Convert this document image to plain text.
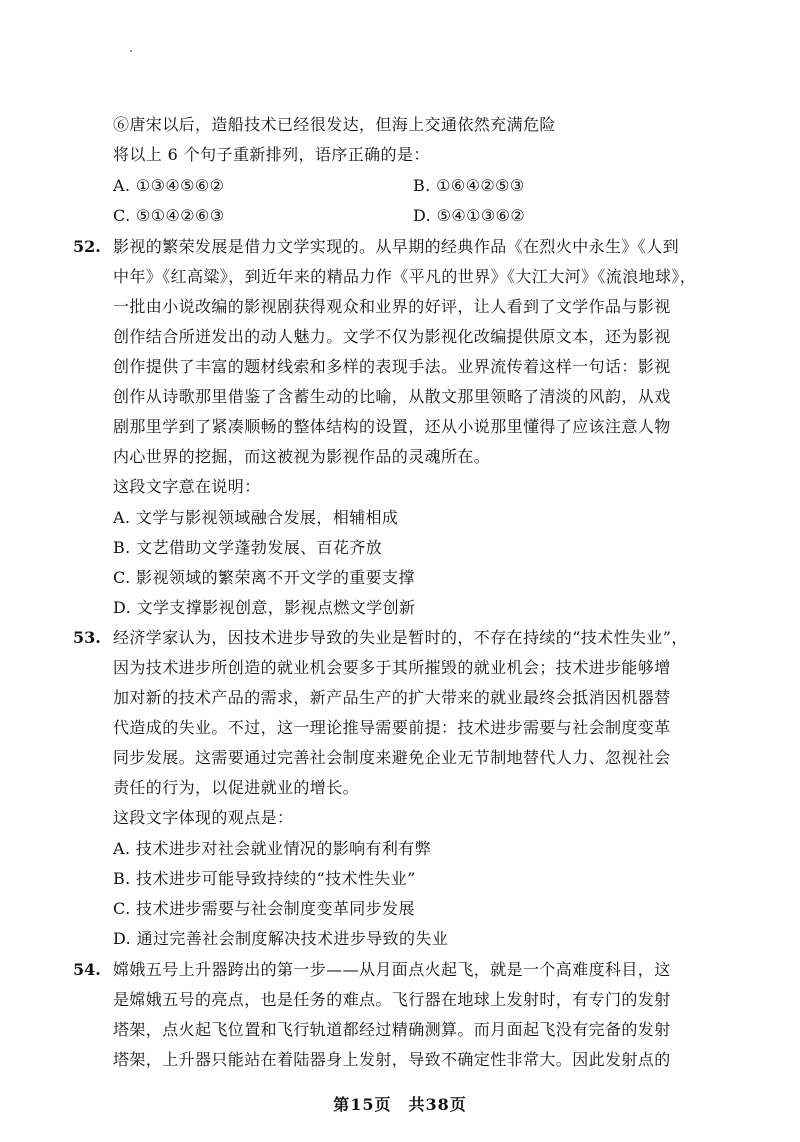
⑥唐宋以后，造船技术已经很发达，但海上交通依然充满危险
将以上 6 个句子重新排列，语序正确的是：
A. ①③④⑤⑥②	B. ①⑥④②⑤③
C. ⑤①④②⑥③	D. ⑤④①③⑥②
52. 影视的繁荣发展是借力文学实现的。从早期的经典作品《在烈火中永生》《人到
中年》《红高粱》，到近年来的精品力作《平凡的世界》《大江大河》《流浪地球》，
一批由小说改编的影视剧获得观众和业界的好评，让人看到了文学作品与影视
创作结合所迸发出的动人魅力。文学不仅为影视化改编提供原文本，还为影视
创作提供了丰富的题材线索和多样的表现手法。业界流传着这样一句话：影视
创作从诗歌那里借鉴了含蓄生动的比喻，从散文那里领略了清淡的风韵，从戏
剧那里学到了紧凑顺畅的整体结构的设置，还从小说那里懂得了应该注意人物
内心世界的挖掘，而这被视为影视作品的灵魂所在。
这段文字意在说明：
A. 文学与影视领域融合发展，相辅相成
B. 文艺借助文学蓬勃发展、百花齐放
C. 影视领域的繁荣离不开文学的重要支撑
D. 文学支撑影视创意，影视点燃文学创新
53. 经济学家认为，因技术进步导致的失业是暂时的，不存在持续的“技术性失业”，
因为技术进步所创造的就业机会要多于其所摧毁的就业机会；技术进步能够增
加对新的技术产品的需求，新产品生产的扩大带来的就业最终会抵消因机器替
代造成的失业。不过，这一理论推导需要前提：技术进步需要与社会制度变革
同步发展。这需要通过完善社会制度来避免企业无节制地替代人力、忽视社会
责任的行为，以促进就业的增长。
这段文字体现的观点是：
A. 技术进步对社会就业情况的影响有利有弊
B. 技术进步可能导致持续的“技术性失业”
C. 技术进步需要与社会制度变革同步发展
D. 通过完善社会制度解决技术进步导致的失业
54. 嫦娥五号上升器跨出的第一步——从月面点火起飞，就是一个高难度科目，这
是嫦娥五号的亮点，也是任务的难点。飞行器在地球上发射时，有专门的发射
塔架，点火起飞位置和飞行轨道都经过精确测算。而月面起飞没有完备的发射
塔架，上升器只能站在着陆器身上发射，导致不确定性非常大。因此发射点的
第15页　共38页
